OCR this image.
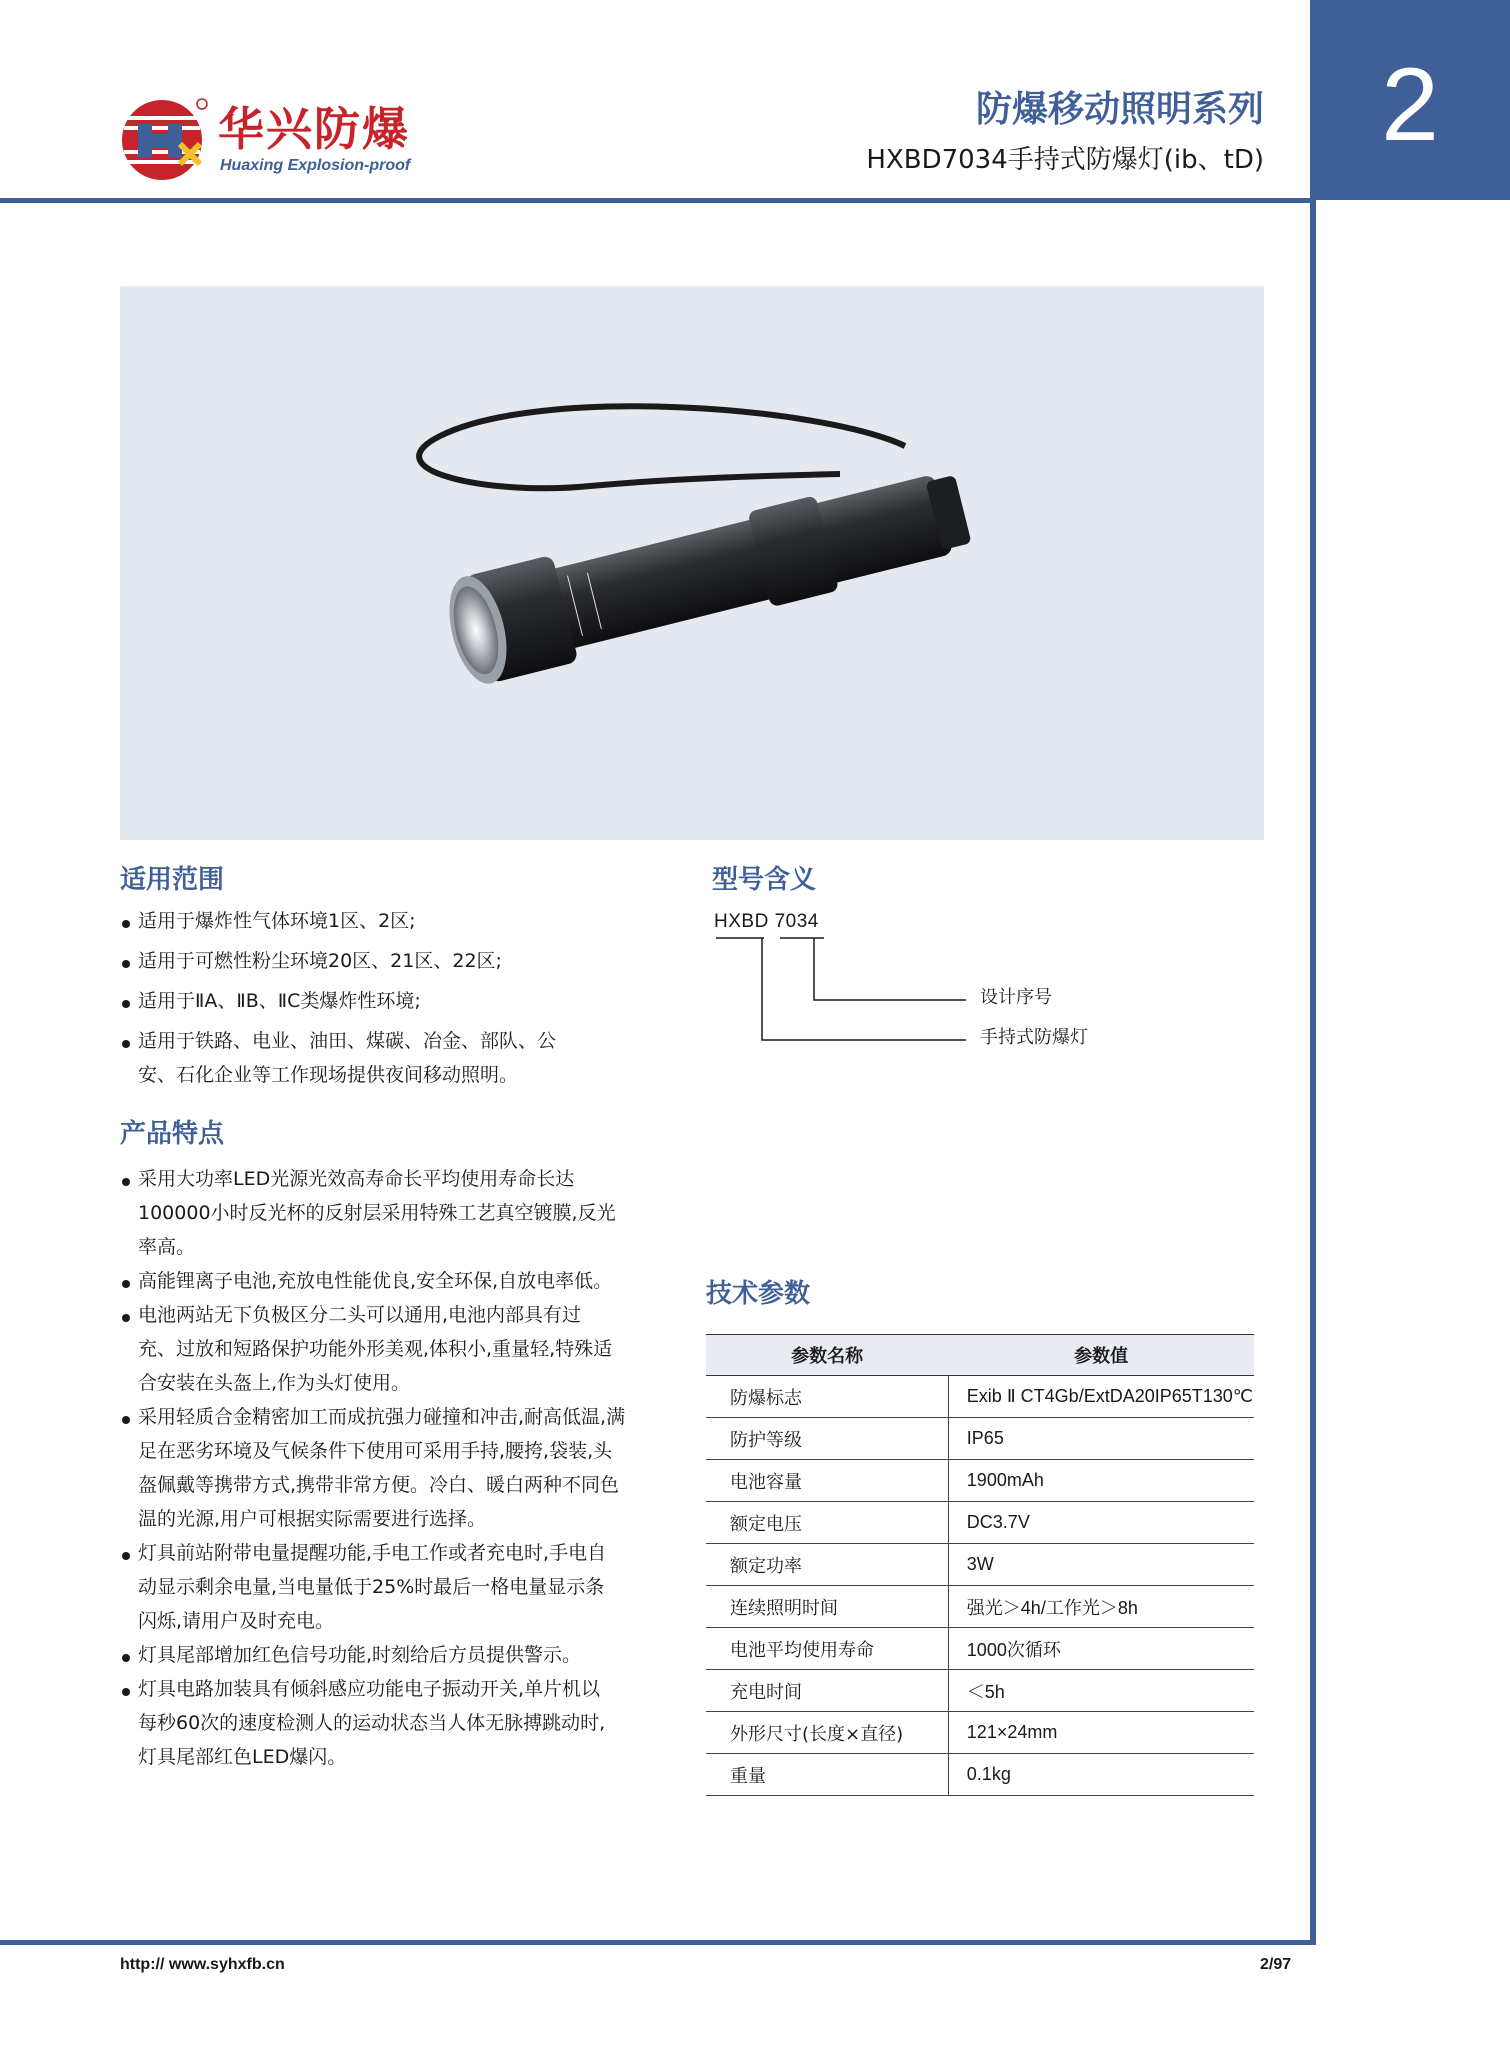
2
华兴防爆
Huaxing Explosion-proof
防爆移动照明系列
HXBD7034手持式防爆灯(ib、tD)
适用范围
适用于爆炸性气体环境1区、2区;
适用于可燃性粉尘环境20区、21区、22区;
适用于ⅡA、ⅡB、ⅡC类爆炸性环境;
适用于铁路、电业、油田、煤碳、冶金、部队、公安、石化企业等工作现场提供夜间移动照明。
产品特点
采用大功率LED光源光效高寿命长平均使用寿命长达100000小时反光杯的反射层采用特殊工艺真空镀膜,反光率高。
高能锂离子电池,充放电性能优良,安全环保,自放电率低。
电池两站无下负极区分二头可以通用,电池内部具有过充、过放和短路保护功能外形美观,体积小,重量轻,特殊适合安装在头盔上,作为头灯使用。
采用轻质合金精密加工而成抗强力碰撞和冲击,耐高低温,满足在恶劣环境及气候条件下使用可采用手持,腰挎,袋装,头盔佩戴等携带方式,携带非常方便。冷白、暖白两种不同色温的光源,用户可根据实际需要进行选择。
灯具前站附带电量提醒功能,手电工作或者充电时,手电自动显示剩余电量,当电量低于25%时最后一格电量显示条闪烁,请用户及时充电。
灯具尾部增加红色信号功能,时刻给后方员提供警示。
灯具电路加装具有倾斜感应功能电子振动开关,单片机以每秒60次的速度检测人的运动状态当人体无脉搏跳动时,灯具尾部红色LED爆闪。
型号含义
HXBD 7034
设计序号
手持式防爆灯
技术参数
参数名称	参数值
防爆标志	Exib Ⅱ CT4Gb/ExtDA20IP65T130℃
防护等级	IP65
电池容量	1900mAh
额定电压	DC3.7V
额定功率	3W
连续照明时间	强光＞4h/工作光＞8h
电池平均使用寿命	1000次循环
充电时间	＜5h
外形尺寸(长度×直径)	121×24mm
重量	0.1kg
http:// www.syhxfb.cn	2/97
